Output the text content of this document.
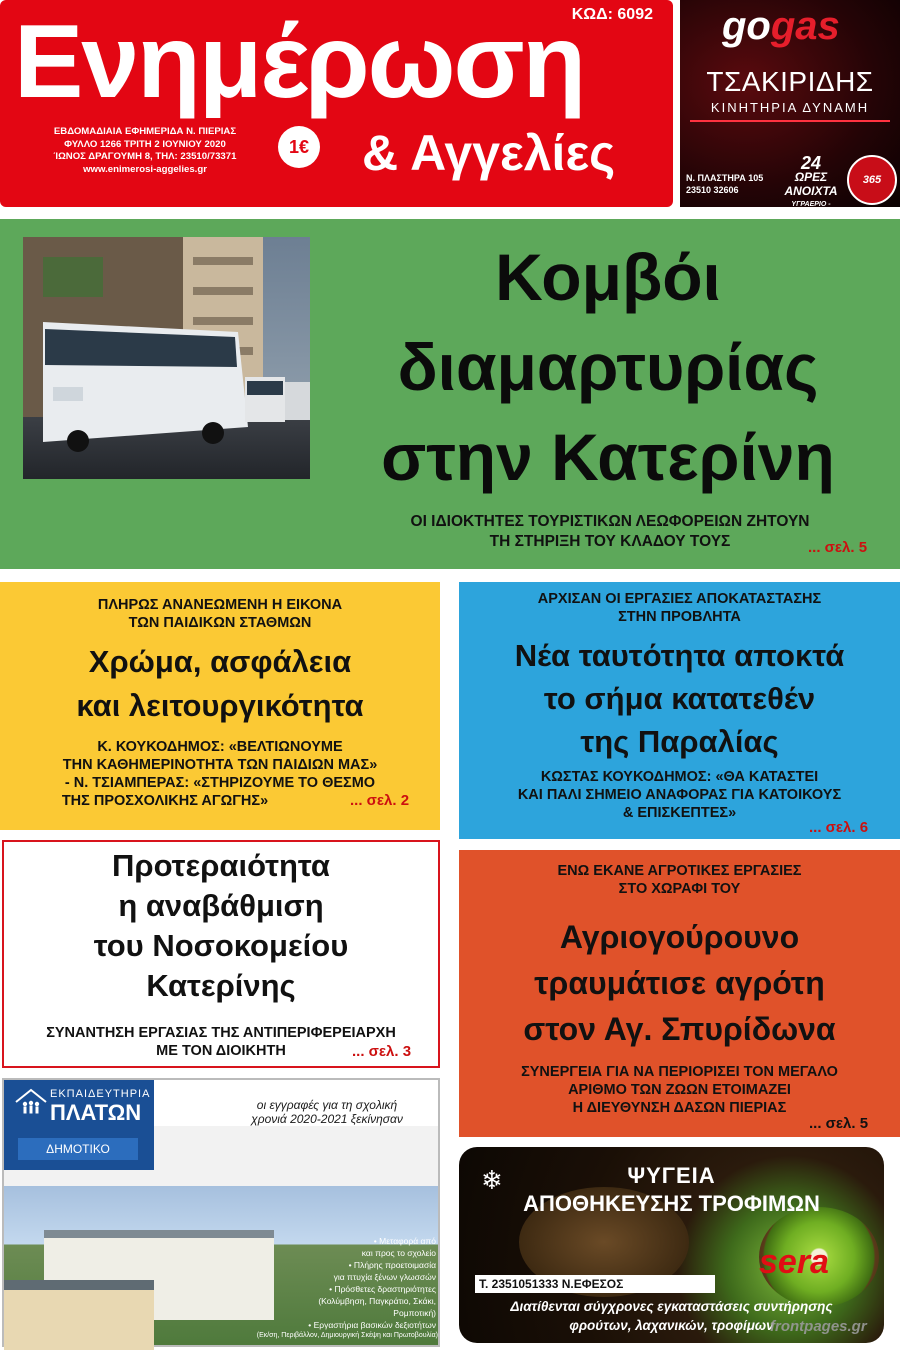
ΚΩΔ: 6092
Ενημέρωση
ΕΒΔΟΜΑΔΙΑΙΑ ΕΦΗΜΕΡΙΔΑ Ν. ΠΙΕΡΙΑΣ
ΦΥΛΛΟ 1266 ΤΡΙΤΗ 2 ΙΟΥΝΙΟΥ 2020
ΊΩΝΟΣ ΔΡΑΓΟΥΜΗ 8, ΤΗΛ: 23510/73371
www.enimerosi-aggelies.gr
1€ & Αγγελίες
gogas
ΤΣΑΚΙΡΙΔΗΣ
ΚΙΝΗΤΗΡΙΑ ΔΥΝΑΜΗ
Ν. ΠΛΑΣΤΗΡΑ 105
23510 32606
24
ΩΡΕΣ
ΑΝΟΙΧΤΑ
ΥΓΡΑΕΡΙΟ -
365
Κομβόι
διαμαρτυρίας
στην Κατερίνη
ΟΙ ΙΔΙΟΚΤΗΤΕΣ ΤΟΥΡΙΣΤΙΚΩΝ ΛΕΩΦΟΡΕΙΩΝ ΖΗΤΟΥΝ
ΤΗ ΣΤΗΡΙΞΗ ΤΟΥ ΚΛΑΔΟΥ ΤΟΥΣ	... σελ. 5
ΠΛΗΡΩΣ ΑΝΑΝΕΩΜΕΝΗ Η ΕΙΚΟΝΑ
ΤΩΝ ΠΑΙΔΙΚΩΝ ΣΤΑΘΜΩΝ
Χρώμα, ασφάλεια
και λειτουργικότητα
Κ. ΚΟΥΚΟΔΗΜΟΣ: «ΒΕΛΤΙΩΝΟΥΜΕ
ΤΗΝ ΚΑΘΗΜΕΡΙΝΟΤΗΤΑ ΤΩΝ ΠΑΙΔΙΩΝ ΜΑΣ»
- Ν. ΤΣΙΑΜΠΕΡΑΣ: «ΣΤΗΡΙΖΟΥΜΕ ΤΟ ΘΕΣΜΟ
ΤΗΣ ΠΡΟΣΧΟΛΙΚΗΣ ΑΓΩΓΗΣ»	... σελ. 2
ΑΡΧΙΣΑΝ ΟΙ ΕΡΓΑΣΙΕΣ ΑΠΟΚΑΤΑΣΤΑΣΗΣ
ΣΤΗΝ ΠΡΟΒΛΗΤΑ
Νέα ταυτότητα αποκτά
το σήμα κατατεθέν
της Παραλίας
ΚΩΣΤΑΣ ΚΟΥΚΟΔΗΜΟΣ: «ΘΑ ΚΑΤΑΣΤΕΙ
ΚΑΙ ΠΑΛΙ ΣΗΜΕΙΟ ΑΝΑΦΟΡΑΣ ΓΙΑ ΚΑΤΟΙΚΟΥΣ
& ΕΠΙΣΚΕΠΤΕΣ»
... σελ. 6
Προτεραιότητα
η αναβάθμιση
του Νοσοκομείου
Κατερίνης
ΣΥΝΑΝΤΗΣΗ ΕΡΓΑΣΙΑΣ ΤΗΣ ΑΝΤΙΠΕΡΙΦΕΡΕΙΑΡΧΗ
ΜΕ ΤΟΝ ΔΙΟΙΚΗΤΗ	... σελ. 3
ΕΝΩ ΕΚΑΝΕ ΑΓΡΟΤΙΚΕΣ ΕΡΓΑΣΙΕΣ
ΣΤΟ ΧΩΡΑΦΙ ΤΟΥ
Αγριογούρουνο
τραυμάτισε αγρότη
στον Αγ. Σπυρίδωνα
ΣΥΝΕΡΓΕΙΑ ΓΙΑ ΝΑ ΠΕΡΙΟΡΙΣΕΙ ΤΟΝ ΜΕΓΑΛΟ
ΑΡΙΘΜΟ ΤΩΝ ΖΩΩΝ ΕΤΟΙΜΑΖΕΙ
Η ΔΙΕΥΘΥΝΣΗ ΔΑΣΩΝ ΠΙΕΡΙΑΣ
... σελ. 5
ΕΚΠΑΙΔΕΥΤΗΡΙΑ
ΠΛΑΤΩΝ
ΔΗΜΟΤΙΚΟ
οι εγγραφές για τη σχολική
χρονιά 2020-2021 ξεκίνησαν
• Μεταφορά από
και προς το σχολείο
• Πλήρης προετοιμασία
για πτυχία ξένων γλωσσών
• Πρόσθετες δραστηριότητες
(Κολύμβηση, Παγκράτιο, Σκάκι, Ρομποτική)
• Εργαστήρια βασικών δεξιοτήτων
(Εκ/ση, Περιβάλλον, Δημιουργική Σκέψη και Πρωτοβουλία)
❄	ΨΥΓΕΙΑ
ΑΠΟΘΗΚΕΥΣΗΣ ΤΡΟΦΙΜΩΝ
sera
Τ. 2351051333 Ν.ΕΦΕΣΟΣ
Διατίθενται σύγχρονες εγκαταστάσεις συντήρησης
φρούτων, λαχανικών, τροφίμων
frontpages.gr
